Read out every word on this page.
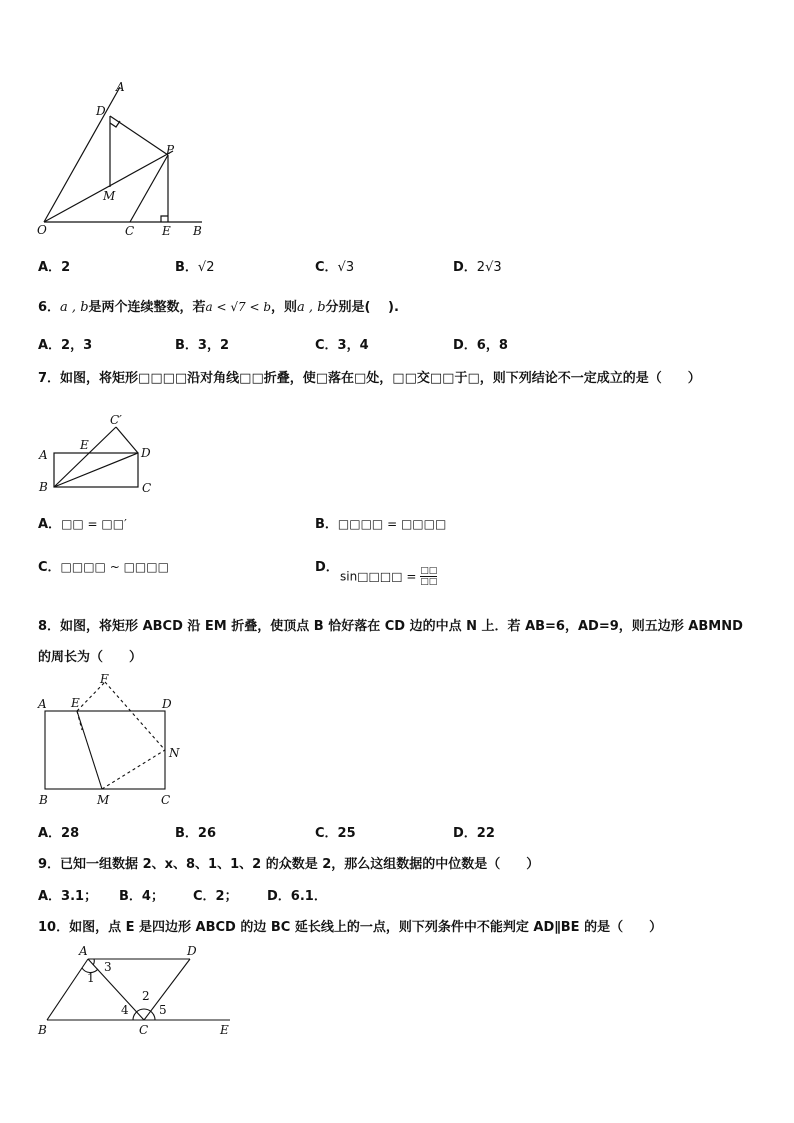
A
D
P
M
O	C E B
A．2	B．√2	C．√3	D．2√3
6．a , b是两个连续整数，若a < √7 < b，则a , b分别是(　 ).
A．2，3	B．3，2	C．3，4	D．6，8
7．如图，将矩形□□□□沿对角线□□折叠，使□落在□处，□□交□□于□，则下列结论不一定成立的是（　　）
C′
E
A	D
B	C
A．□□ = □□′	B．□□□□ = □□□□
C．□□□□ ~ □□□□	D．
sin□□□□ = □□
□□
8．如图，将矩形 ABCD 沿 EM 折叠，使顶点 B 恰好落在 CD 边的中点 N 上．若 AB=6，AD=9，则五边形 ABMND
的周长为（　　）
F
A E	D
N
B	M	C
A．28	B．26	C．25	D．22
9．已知一组数据 2、x、8、1、1、2 的众数是 2，那么这组数据的中位数是（　　）
A．3.1； B．4； C．2； D．6.1．
10．如图，点 E 是四边形 ABCD 的边 BC 延长线上的一点，则下列条件中不能判定 AD∥BE 的是（　　）
A	D
3
1
2
4	5
B	C	E
